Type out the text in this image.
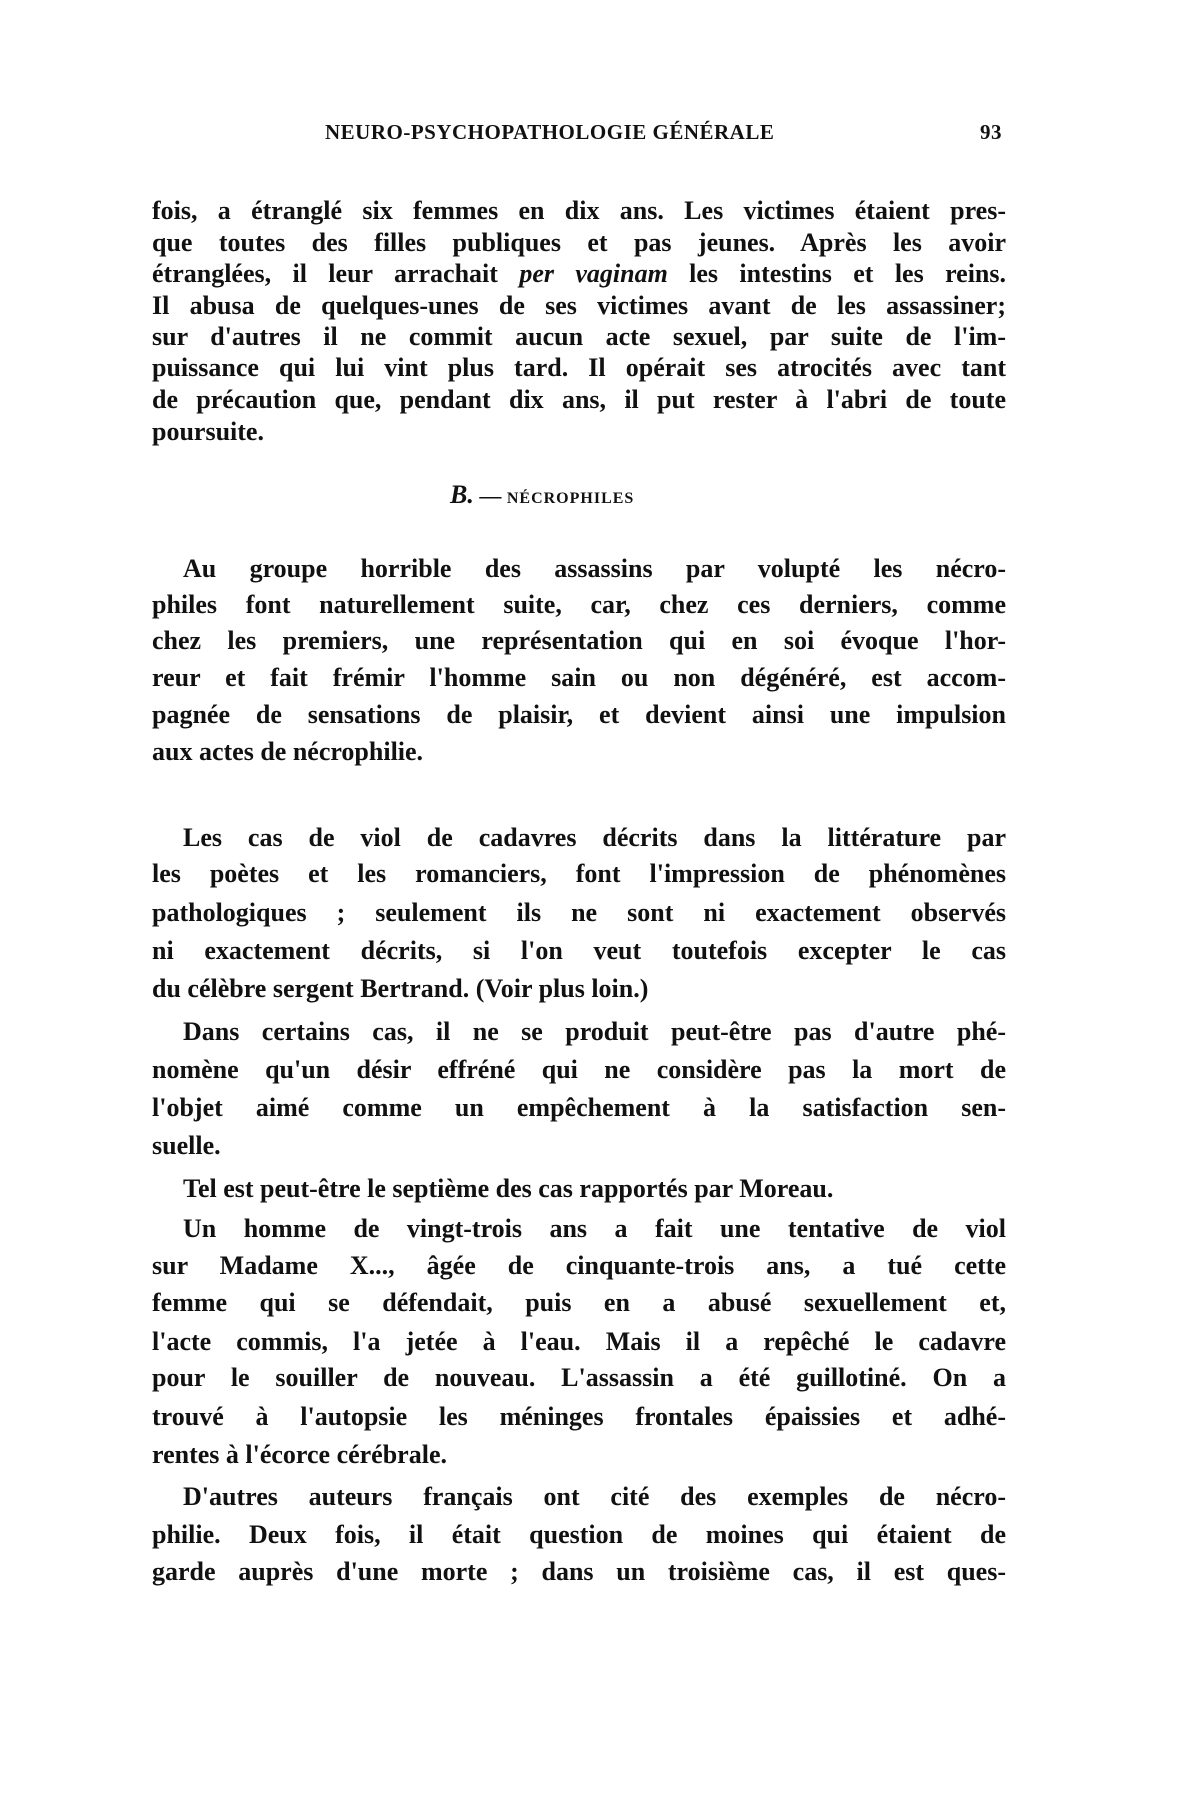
NEURO-PSYCHOPATHOLOGIE GÉNÉRALE	93
B. — NÉCROPHILES
fois, a étranglé six femmes en dix ans. Les victimes étaient pres-
que toutes des filles publiques et pas jeunes. Après les avoir
étranglées, il leur arrachait per vaginam les intestins et les reins.
Il abusa de quelques-unes de ses victimes avant de les assassiner;
sur d'autres il ne commit aucun acte sexuel, par suite de l'im-
puissance qui lui vint plus tard. Il opérait ses atrocités avec tant
de précaution que, pendant dix ans, il put rester à l'abri de toute
poursuite.
Au groupe horrible des assassins par volupté les nécro-
philes font naturellement suite, car, chez ces derniers, comme
chez les premiers, une représentation qui en soi évoque l'hor-
reur et fait frémir l'homme sain ou non dégénéré, est accom-
pagnée de sensations de plaisir, et devient ainsi une impulsion
aux actes de nécrophilie.
Les cas de viol de cadavres décrits dans la littérature par
les poètes et les romanciers, font l'impression de phénomènes
pathologiques ; seulement ils ne sont ni exactement observés
ni exactement décrits, si l'on veut toutefois excepter le cas
du célèbre sergent Bertrand. (Voir plus loin.)
Dans certains cas, il ne se produit peut-être pas d'autre phé-
nomène qu'un désir effréné qui ne considère pas la mort de
l'objet aimé comme un empêchement à la satisfaction sen-
suelle.
Tel est peut-être le septième des cas rapportés par Moreau.
Un homme de vingt-trois ans a fait une tentative de viol
sur Madame X..., âgée de cinquante-trois ans, a tué cette
femme qui se défendait, puis en a abusé sexuellement et,
l'acte commis, l'a jetée à l'eau. Mais il a repêché le cadavre
pour le souiller de nouveau. L'assassin a été guillotiné. On a
trouvé à l'autopsie les méninges frontales épaissies et adhé-
rentes à l'écorce cérébrale.
D'autres auteurs français ont cité des exemples de nécro-
philie. Deux fois, il était question de moines qui étaient de
garde auprès d'une morte ; dans un troisième cas, il est ques-
